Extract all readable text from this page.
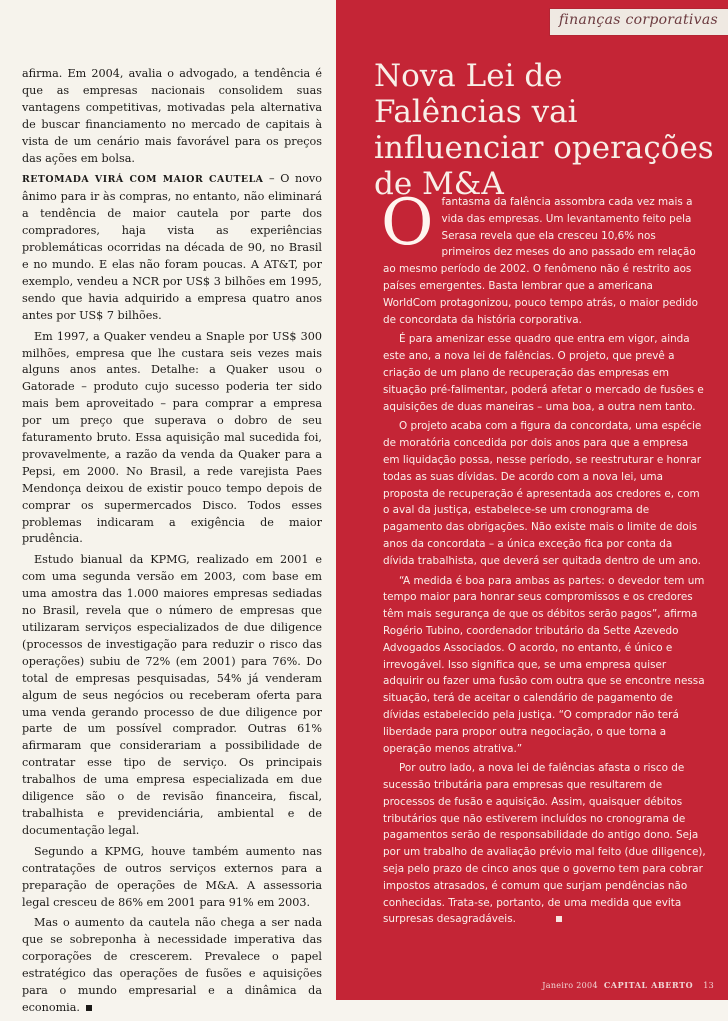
afirma. Em 2004, avalia o advogado, a tendência é que as empresas nacionais consolidem suas vantagens competitivas, motivadas pela alternativa de buscar financiamento no mercado de capitais à vista de um cenário mais favorável para os preços das ações em bolsa.

RETOMADA VIRÁ COM MAIOR CAUTELA – O novo ânimo para ir às compras, no entanto, não eliminará a tendência de maior cautela por parte dos compradores, haja vista as experiências problemáticas ocorridas na década de 90, no Brasil e no mundo. E elas não foram poucas. A AT&T, por exemplo, vendeu a NCR por US$ 3 bilhões em 1995, sendo que havia adquirido a empresa quatro anos antes por US$ 7 bilhões.

Em 1997, a Quaker vendeu a Snaple por US$ 300 milhões, empresa que lhe custara seis vezes mais alguns anos antes. Detalhe: a Quaker usou o Gatorade – produto cujo sucesso poderia ter sido mais bem aproveitado – para comprar a empresa por um preço que superava o dobro de seu faturamento bruto. Essa aquisição mal sucedida foi, provavelmente, a razão da venda da Quaker para a Pepsi, em 2000. No Brasil, a rede varejista Paes Mendonça deixou de existir pouco tempo depois de comprar os supermercados Disco. Todos esses problemas indicaram a exigência de maior prudência.

Estudo bianual da KPMG, realizado em 2001 e com uma segunda versão em 2003, com base em uma amostra das 1.000 maiores empresas sediadas no Brasil, revela que o número de empresas que utilizaram serviços especializados de due diligence (processos de investigação para reduzir o risco das operações) subiu de 72% (em 2001) para 76%. Do total de empresas pesquisadas, 54% já venderam algum de seus negócios ou receberam oferta para uma venda gerando processo de due diligence por parte de um possível comprador. Outras 61% afirmaram que considerariam a possibilidade de contratar esse tipo de serviço. Os principais trabalhos de uma empresa especializada em due diligence são o de revisão financeira, fiscal, trabalhista e previdenciária, ambiental e de documentação legal.

Segundo a KPMG, houve também aumento nas contratações de outros serviços externos para a preparação de operações de M&A. A assessoria legal cresceu de 86% em 2001 para 91% em 2003.

Mas o aumento da cautela não chega a ser nada que se sobreponha à necessidade imperativa das corporações de crescerem. Prevalece o papel estratégico das operações de fusões e aquisições para o mundo empresarial e a dinâmica da economia.

finanças corporativas
Nova Lei de Falências vai influenciar operações de M&A

O fantasma da falência assombra cada vez mais a vida das empresas. Um levantamento feito pela Serasa revela que ela cresceu 10,6% nos primeiros dez meses do ano passado em relação ao mesmo período de 2002. O fenômeno não é restrito aos países emergentes. Basta lembrar que a americana WorldCom protagonizou, pouco tempo atrás, o maior pedido de concordata da história corporativa.

É para amenizar esse quadro que entra em vigor, ainda este ano, a nova lei de falências. O projeto, que prevê a criação de um plano de recuperação das empresas em situação pré-falimentar, poderá afetar o mercado de fusões e aquisições de duas maneiras – uma boa, a outra nem tanto.

O projeto acaba com a figura da concordata, uma espécie de moratória concedida por dois anos para que a empresa em liquidação possa, nesse período, se reestruturar e honrar todas as suas dívidas. De acordo com a nova lei, uma proposta de recuperação é apresentada aos credores e, com o aval da justiça, estabelece-se um cronograma de pagamento das obrigações. Não existe mais o limite de dois anos da concordata – a única exceção fica por conta da dívida trabalhista, que deverá ser quitada dentro de um ano.

“A medida é boa para ambas as partes: o devedor tem um tempo maior para honrar seus compromissos e os credores têm mais segurança de que os débitos serão pagos”, afirma Rogério Tubino, coordenador tributário da Sette Azevedo Advogados Associados. O acordo, no entanto, é único e irrevogável. Isso significa que, se uma empresa quiser adquirir ou fazer uma fusão com outra que se encontre nessa situação, terá de aceitar o calendário de pagamento de dívidas estabelecido pela justiça. “O comprador não terá liberdade para propor outra negociação, o que torna a operação menos atrativa.”

Por outro lado, a nova lei de falências afasta o risco de sucessão tributária para empresas que resultarem de processos de fusão e aquisição. Assim, quaisquer débitos tributários que não estiverem incluídos no cronograma de pagamentos serão de responsabilidade do antigo dono. Seja por um trabalho de avaliação prévio mal feito (due diligence), seja pelo prazo de cinco anos que o governo tem para cobrar impostos atrasados, é comum que surjam pendências não conhecidas. Trata-se, portanto, de uma medida que evita surpresas desagradáveis.

Janeiro 2004 CAPITAL ABERTO 13
